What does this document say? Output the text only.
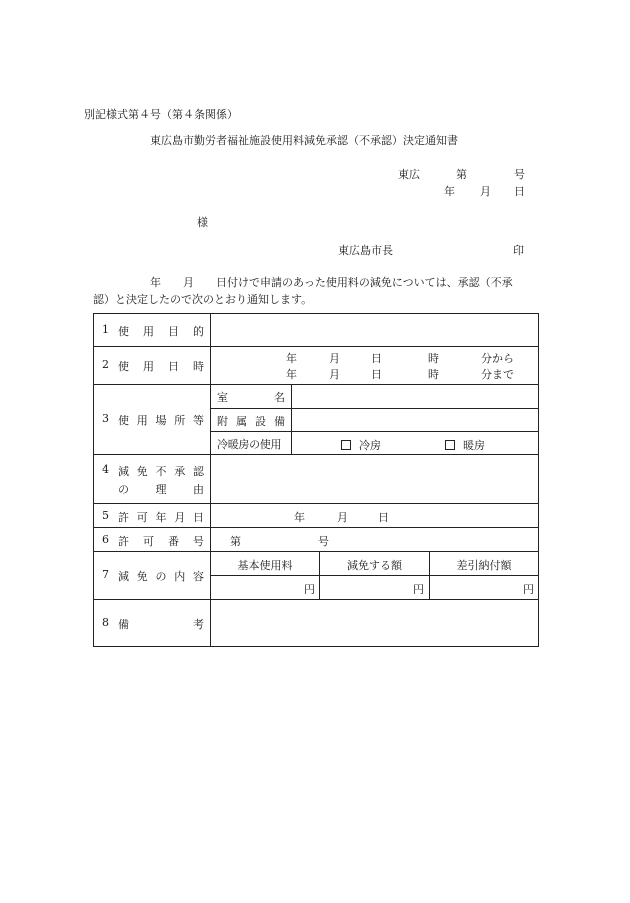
別記様式第４号（第４条関係）
東広島市勤労者福祉施設使用料減免承認（不承認）決定通知書
東広	第	号
年 月 日
様
東広島市長	印
年　　月　　日付けで申請のあった使用料の減免については、承認（不承
認）と決定したので次のとおり通知します。
1 使用目的
2 使用日時
年	月	日	時	分から
年	月	日	時	分まで
3 使用場所等
室名
附属設備
冷暖房の使用	冷房	暖房
4 減免不承認
の理由
5 許可年月日	年	月	日
6 許可番号 第	号
7 減免の内容
基本使用料	減免する額	差引納付額
円	円	円
8 備考
